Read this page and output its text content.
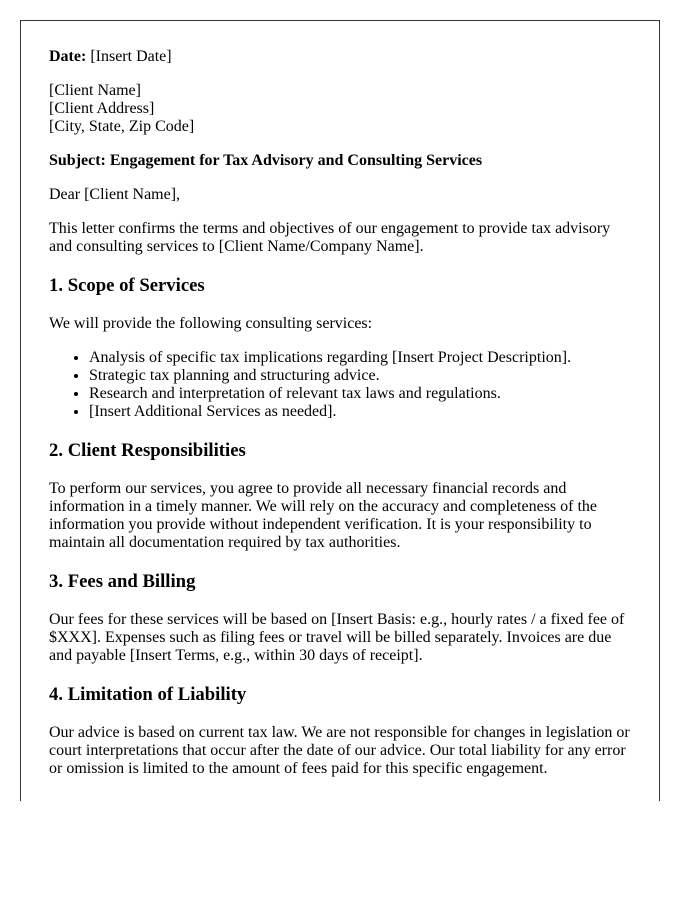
Date: [Insert Date]

[Client Name]

[Client Address]

[City, State, Zip Code]

Subject: Engagement for Tax Advisory and Consulting Services

Dear [Client Name],

This letter confirms the terms and objectives of our engagement to provide tax advisory and consulting services to [Client Name/Company Name].

1. Scope of Services

We will provide the following consulting services:

• Analysis of specific tax implications regarding [Insert Project Description].
• Strategic tax planning and structuring advice.
• Research and interpretation of relevant tax laws and regulations.
• [Insert Additional Services as needed].
2. Client Responsibilities

To perform our services, you agree to provide all necessary financial records and information in a timely manner. We will rely on the accuracy and completeness of the information you provide without independent verification. It is your responsibility to maintain all documentation required by tax authorities.

3. Fees and Billing

Our fees for these services will be based on [Insert Basis: e.g., hourly rates / a fixed fee of $XXX]. Expenses such as filing fees or travel will be billed separately. Invoices are due and payable [Insert Terms, e.g., within 30 days of receipt].

4. Limitation of Liability

Our advice is based on current tax law. We are not responsible for changes in legislation or court interpretations that occur after the date of our advice. Our total liability for any error or omission is limited to the amount of fees paid for this specific engagement.
